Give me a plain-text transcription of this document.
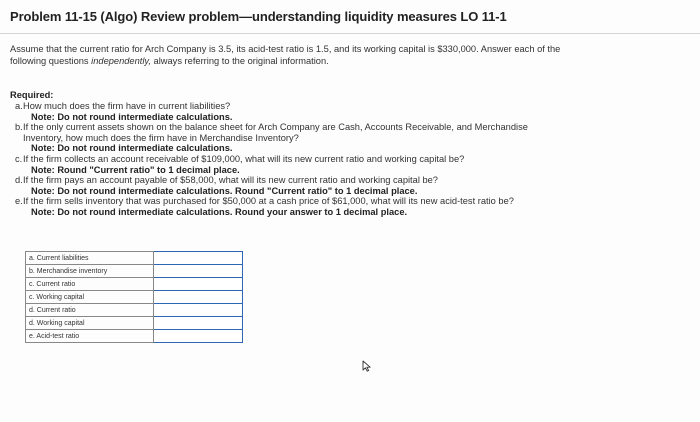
Problem 11-15 (Algo) Review problem—understanding liquidity measures LO 11-1
Assume that the current ratio for Arch Company is 3.5, its acid-test ratio is 1.5, and its working capital is $330,000. Answer each of the
following questions independently, always referring to the original information.
Required:
a. How much does the firm have in current liabilities?
Note: Do not round intermediate calculations.
b. If the only current assets shown on the balance sheet for Arch Company are Cash, Accounts Receivable, and Merchandise
Inventory, how much does the firm have in Merchandise Inventory?
Note: Do not round intermediate calculations.
c. If the firm collects an account receivable of $109,000, what will its new current ratio and working capital be?
Note: Round "Current ratio" to 1 decimal place.
d. If the firm pays an account payable of $58,000, what will its new current ratio and working capital be?
Note: Do not round intermediate calculations. Round "Current ratio" to 1 decimal place.
e. If the firm sells inventory that was purchased for $50,000 at a cash price of $61,000, what will its new acid-test ratio be?
Note: Do not round intermediate calculations. Round your answer to 1 decimal place.
a. Current liabilities	
b. Merchandise inventory	
c. Current ratio	
c. Working capital	
d. Current ratio	
d. Working capital	
e. Acid-test ratio	
